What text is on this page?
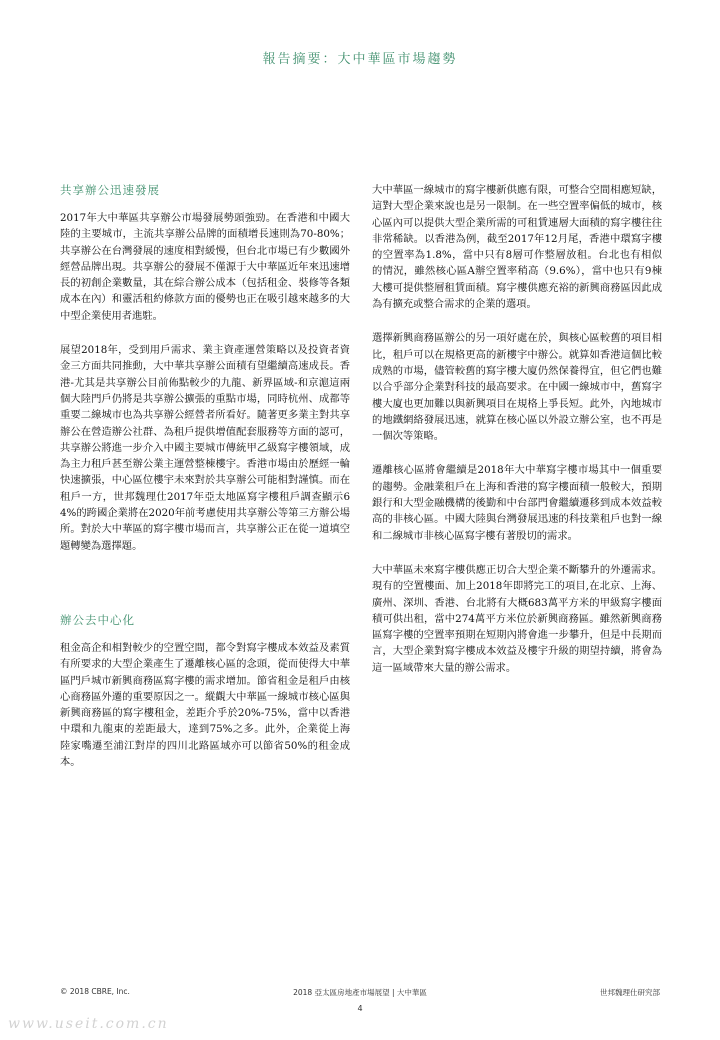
報告摘要：大中華區市場趨勢
共享辦公迅速發展

2017年大中華區共享辦公市場發展勢頭強勁。在香港和中國大陸的主要城市，主流共享辦公品牌的面積增長速則為70-80%；共享辦公在台灣發展的速度相對緩慢，但台北市場已有少數國外經營品牌出現。共享辦公的發展不僅源于大中華區近年來迅速增長的初創企業數量，其在綜合辦公成本（包括租金、裝修等各類成本在內）和靈活租約條款方面的優勢也正在吸引越來越多的大中型企業使用者進駐。

展望2018年，受到用戶需求、業主資產運營策略以及投資者資金三方面共同推動，大中華共享辦公面積有望繼續高速成長。香港-尤其是共享辦公目前佈點較少的九龍、新界區域-和京滬這兩個大陸門戶仍將是共享辦公擴張的重點市場，同時杭州、成都等重要二線城市也為共享辦公經營者所看好。隨著更多業主對共享辦公在營造辦公社群、為租戶提供增值配套服務等方面的認可，共享辦公將進一步介入中國主要城市傳統甲乙級寫字樓領域，成為主力租戶甚至辦公業主運營整棟樓宇。香港市場由於歷經一輪快速擴張，中心區位樓宇未來對於共享辦公可能相對謹慎。而在租戶一方，世邦魏理仕2017年亞太地區寫字樓租戶調查顯示64%的跨國企業將在2020年前考慮使用共享辦公等第三方辦公場所。對於大中華區的寫字樓市場而言，共享辦公正在從一道填空題轉變為選擇題。

辦公去中心化

租金高企和相對較少的空置空間，都令對寫字樓成本效益及素質有所要求的大型企業產生了遷離核心區的念頭，從而使得大中華區門戶城市新興商務區寫字樓的需求增加。節省租金是租戶由核心商務區外遷的重要原因之一。縱觀大中華區一線城市核心區與新興商務區的寫字樓租金，差距介乎於20%-75%，當中以香港中環和九龍東的差距最大，達到75%之多。此外，企業從上海陸家嘴遷至浦江對岸的四川北路區域亦可以節省50%的租金成本。

大中華區一線城市的寫字樓新供應有限，可整合空間相應短缺，這對大型企業來說也是另一限制。在一些空置率偏低的城市，核心區內可以提供大型企業所需的可租賃連層大面積的寫字樓往往非常稀缺。以香港為例，截至2017年12月尾，香港中環寫字樓的空置率為1.8%，當中只有8層可作整層放租。台北也有相似的情況，雖然核心區A辦空置率稍高（9.6%），當中也只有9棟大樓可提供整層租賃面積。寫字樓供應充裕的新興商務區因此成為有擴充或整合需求的企業的選項。

選擇新興商務區辦公的另一項好處在於，與核心區較舊的項目相比，租戶可以在規格更高的新樓宇中辦公。就算如香港這個比較成熟的市場，儘管較舊的寫字樓大廈仍然保養得宜，但它們也難以合乎部分企業對科技的最高要求。在中國一線城市中，舊寫字樓大廈也更加難以與新興項目在規格上爭長短。此外，內地城市的地鐵網絡發展迅速，就算在核心區以外設立辦公室，也不再是一個次等策略。

遷離核心區將會繼續是2018年大中華寫字樓市場其中一個重要的趨勢。金融業租戶在上海和香港的寫字樓面積一般較大，預期銀行和大型金融機構的後勤和中台部門會繼續遷移到成本效益較高的非核心區。中國大陸與台灣發展迅速的科技業租戶也對一線和二線城市非核心區寫字樓有著殷切的需求。

大中華區未來寫字樓供應正切合大型企業不斷攀升的外遷需求。現有的空置樓面、加上2018年即將完工的項目,在北京、上海、廣州、深圳、香港、台北將有大概683萬平方米的甲級寫字樓面積可供出租，當中274萬平方米位於新興商務區。雖然新興商務區寫字樓的空置率預期在短期內將會進一步攀升，但是中長期而言，大型企業對寫字樓成本效益及樓宇升級的期望持續，將會為這一區域帶來大量的辦公需求。

© 2018 CBRE, Inc.	2018 亞太區房地產市場展望 | 大中華區	世邦魏理仕研究部
4
www.useit.com.cn
